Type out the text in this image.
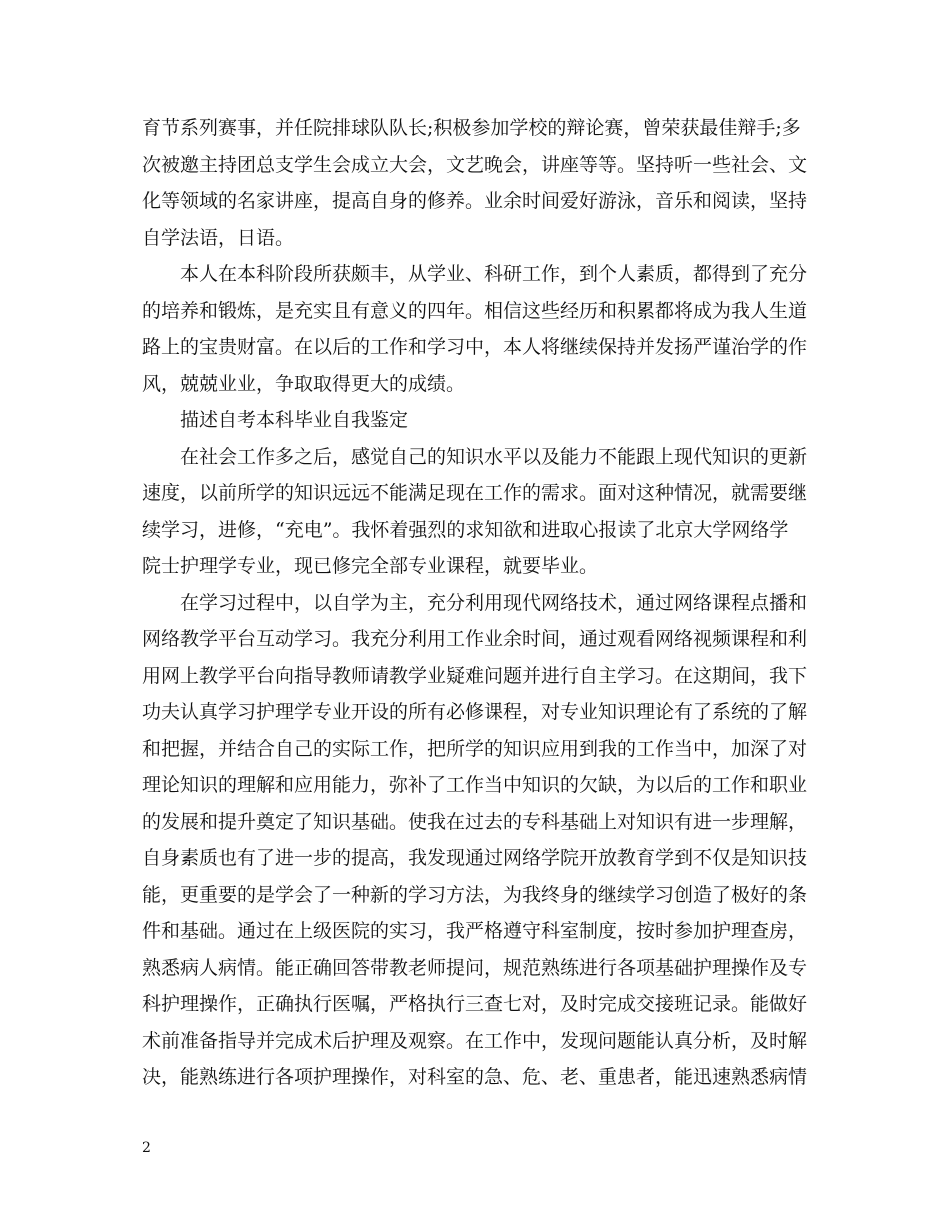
育节系列赛事，并任院排球队队长;积极参加学校的辩论赛，曾荣获最佳辩手;多
次被邀主持团总支学生会成立大会，文艺晚会，讲座等等。坚持听一些社会、文
化等领域的名家讲座，提高自身的修养。业余时间爱好游泳，音乐和阅读，坚持
自学法语，日语。
本人在本科阶段所获颇丰，从学业、科研工作，到个人素质，都得到了充分
的培养和锻炼，是充实且有意义的四年。相信这些经历和积累都将成为我人生道
路上的宝贵财富。在以后的工作和学习中，本人将继续保持并发扬严谨治学的作
风，兢兢业业，争取取得更大的成绩。
描述自考本科毕业自我鉴定
在社会工作多之后，感觉自己的知识水平以及能力不能跟上现代知识的更新
速度，以前所学的知识远远不能满足现在工作的需求。面对这种情况，就需要继
续学习，进修，“充电”。我怀着强烈的求知欲和进取心报读了北京大学网络学
院士护理学专业，现已修完全部专业课程，就要毕业。
在学习过程中，以自学为主，充分利用现代网络技术，通过网络课程点播和
网络教学平台互动学习。我充分利用工作业余时间，通过观看网络视频课程和利
用网上教学平台向指导教师请教学业疑难问题并进行自主学习。在这期间，我下
功夫认真学习护理学专业开设的所有必修课程，对专业知识理论有了系统的了解
和把握，并结合自己的实际工作，把所学的知识应用到我的工作当中，加深了对
理论知识的理解和应用能力，弥补了工作当中知识的欠缺，为以后的工作和职业
的发展和提升奠定了知识基础。使我在过去的专科基础上对知识有进一步理解，
自身素质也有了进一步的提高，我发现通过网络学院开放教育学到不仅是知识技
能，更重要的是学会了一种新的学习方法，为我终身的继续学习创造了极好的条
件和基础。通过在上级医院的实习，我严格遵守科室制度，按时参加护理查房，
熟悉病人病情。能正确回答带教老师提问，规范熟练进行各项基础护理操作及专
科护理操作，正确执行医嘱，严格执行三查七对，及时完成交接班记录。能做好
术前准备指导并完成术后护理及观察。在工作中，发现问题能认真分析，及时解
决，能熟练进行各项护理操作，对科室的急、危、老、重患者，能迅速熟悉病情
2
